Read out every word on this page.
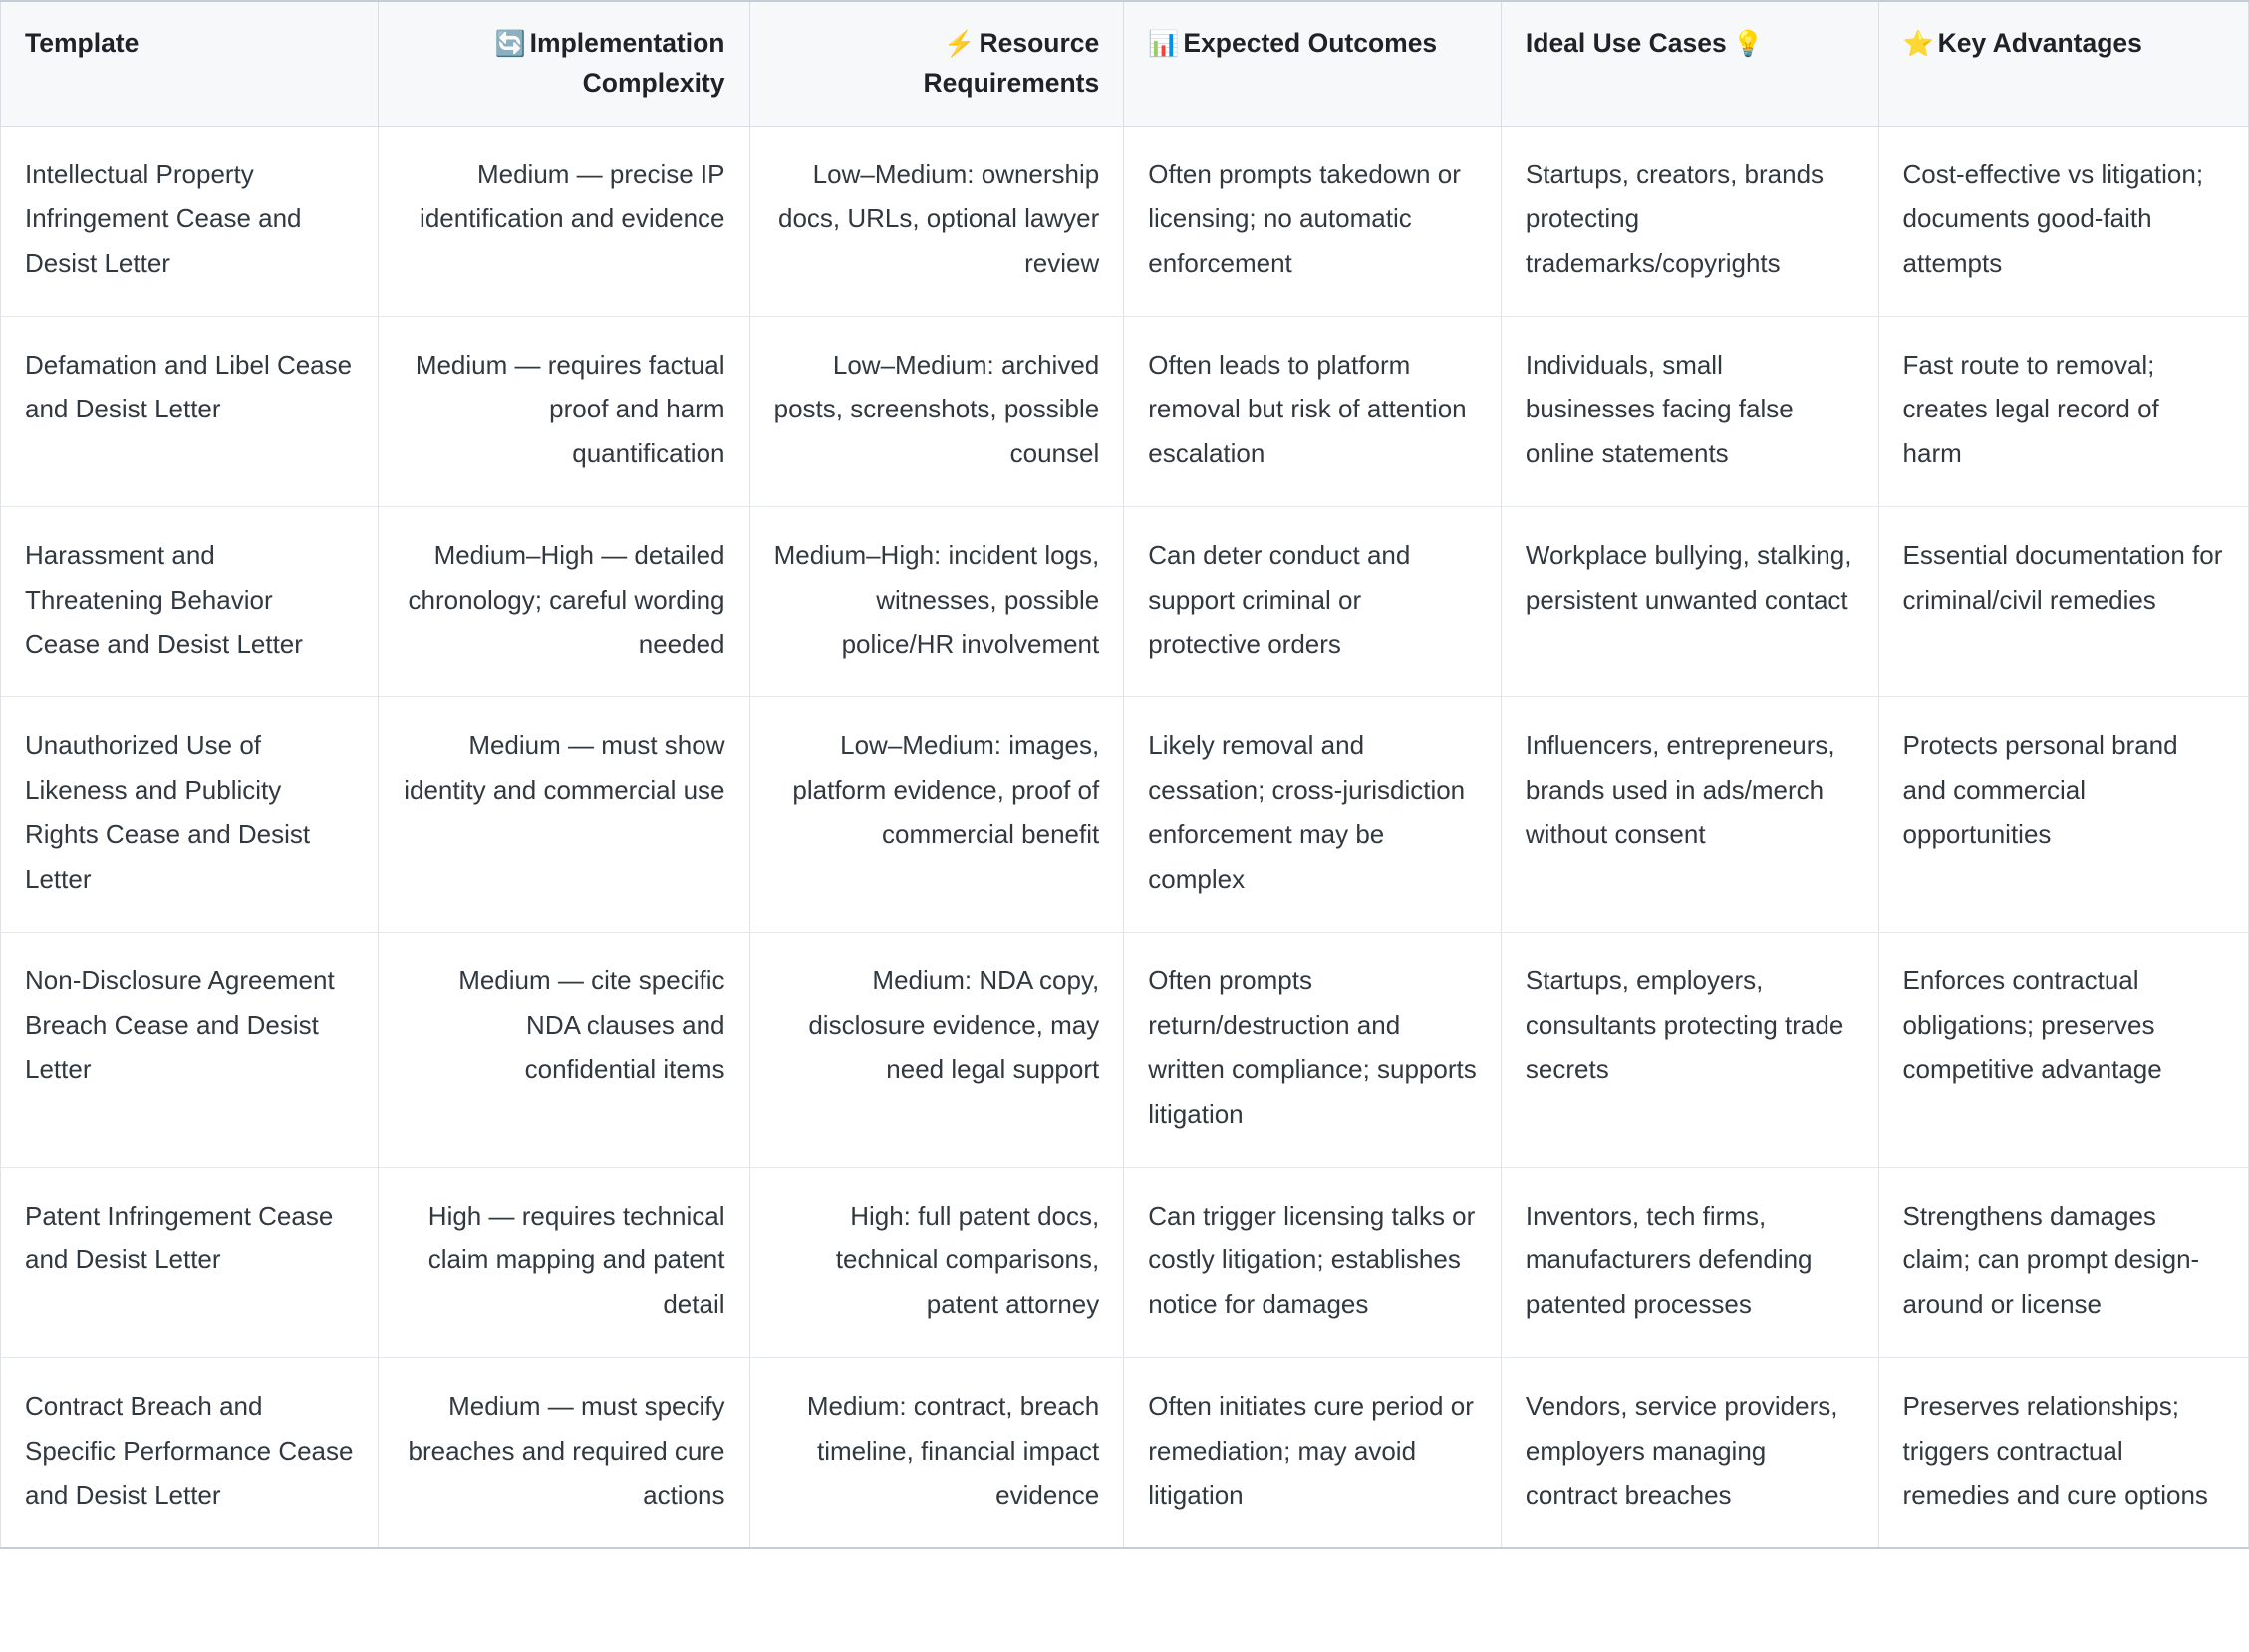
Template	🔄 Implementation Complexity	⚡ Resource Requirements	📊 Expected Outcomes	Ideal Use Cases 💡	⭐ Key Advantages
Intellectual Property Infringement Cease and Desist Letter	Medium — precise IP identification and evidence	Low–Medium: ownership docs, URLs, optional lawyer review	Often prompts takedown or licensing; no automatic enforcement	Startups, creators, brands protecting trademarks/copyrights	Cost-effective vs litigation; documents good-faith attempts
Defamation and Libel Cease and Desist Letter	Medium — requires factual proof and harm quantification	Low–Medium: archived posts, screenshots, possible counsel	Often leads to platform removal but risk of attention escalation	Individuals, small businesses facing false online statements	Fast route to removal; creates legal record of harm
Harassment and Threatening Behavior Cease and Desist Letter	Medium–High — detailed chronology; careful wording needed	Medium–High: incident logs, witnesses, possible police/HR involvement	Can deter conduct and support criminal or protective orders	Workplace bullying, stalking, persistent unwanted contact	Essential documentation for criminal/civil remedies
Unauthorized Use of Likeness and Publicity Rights Cease and Desist Letter	Medium — must show identity and commercial use	Low–Medium: images, platform evidence, proof of commercial benefit	Likely removal and cessation; cross-jurisdiction enforcement may be complex	Influencers, entrepreneurs, brands used in ads/merch without consent	Protects personal brand and commercial opportunities
Non-Disclosure Agreement Breach Cease and Desist Letter	Medium — cite specific NDA clauses and confidential items	Medium: NDA copy, disclosure evidence, may need legal support	Often prompts return/destruction and written compliance; supports litigation	Startups, employers, consultants protecting trade secrets	Enforces contractual obligations; preserves competitive advantage
Patent Infringement Cease and Desist Letter	High — requires technical claim mapping and patent detail	High: full patent docs, technical comparisons, patent attorney	Can trigger licensing talks or costly litigation; establishes notice for damages	Inventors, tech firms, manufacturers defending patented processes	Strengthens damages claim; can prompt design-around or license
Contract Breach and Specific Performance Cease and Desist Letter	Medium — must specify breaches and required cure actions	Medium: contract, breach timeline, financial impact evidence	Often initiates cure period or remediation; may avoid litigation	Vendors, service providers, employers managing contract breaches	Preserves relationships; triggers contractual remedies and cure options
